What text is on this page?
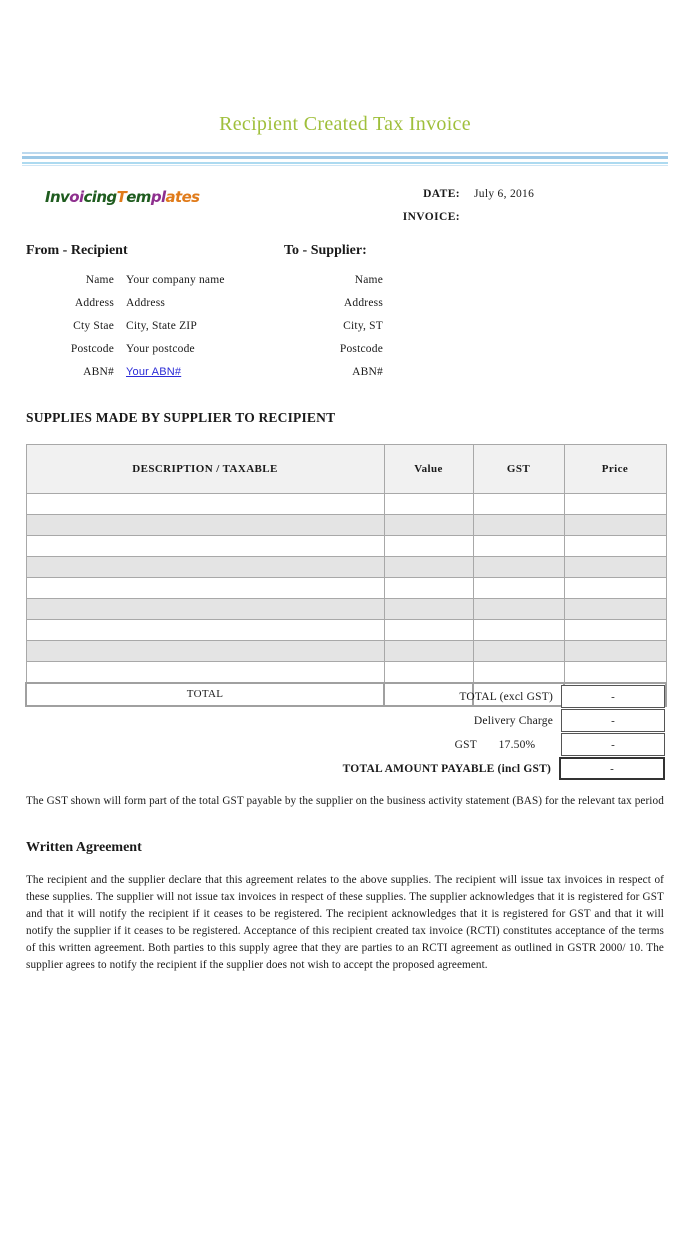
Recipient Created Tax Invoice
InvoicingTemplates	DATE:	July 6, 2016
INVOICE:
From - Recipient	To - Supplier:
Name Your company name	Name
Address Address	Address
Cty Stae City, State ZIP	City, ST
Postcode Your postcode	Postcode
ABN# Your ABN#	ABN#
SUPPLIES MADE BY SUPPLIER TO RECIPIENT
DESCRIPTION / TAXABLE	Value	GST	Price

TOTAL				TOTAL (excl GST)	-
Delivery Charge	-
GST	17.50%	-
TOTAL AMOUNT PAYABLE (incl GST)	-
The GST shown will form part of the total GST payable by the supplier on the business activity statement (BAS) for the relevant tax period
Written Agreement
The recipient and the supplier declare that this agreement relates to the above supplies. The recipient will issue tax invoices in respect of these supplies. The supplier will not issue tax invoices in respect of these supplies. The supplier acknowledges that it is registered for GST and that it will notify the recipient if it ceases to be registered. The recipient acknowledges that it is registered for GST and that it will notify the supplier if it ceases to be registered. Acceptance of this recipient created tax invoice (RCTI) constitutes acceptance of the terms of this written agreement. Both parties to this supply agree that they are parties to an RCTI agreement as outlined in GSTR 2000/ 10. The supplier agrees to notify the recipient if the supplier does not wish to accept the proposed agreement.
